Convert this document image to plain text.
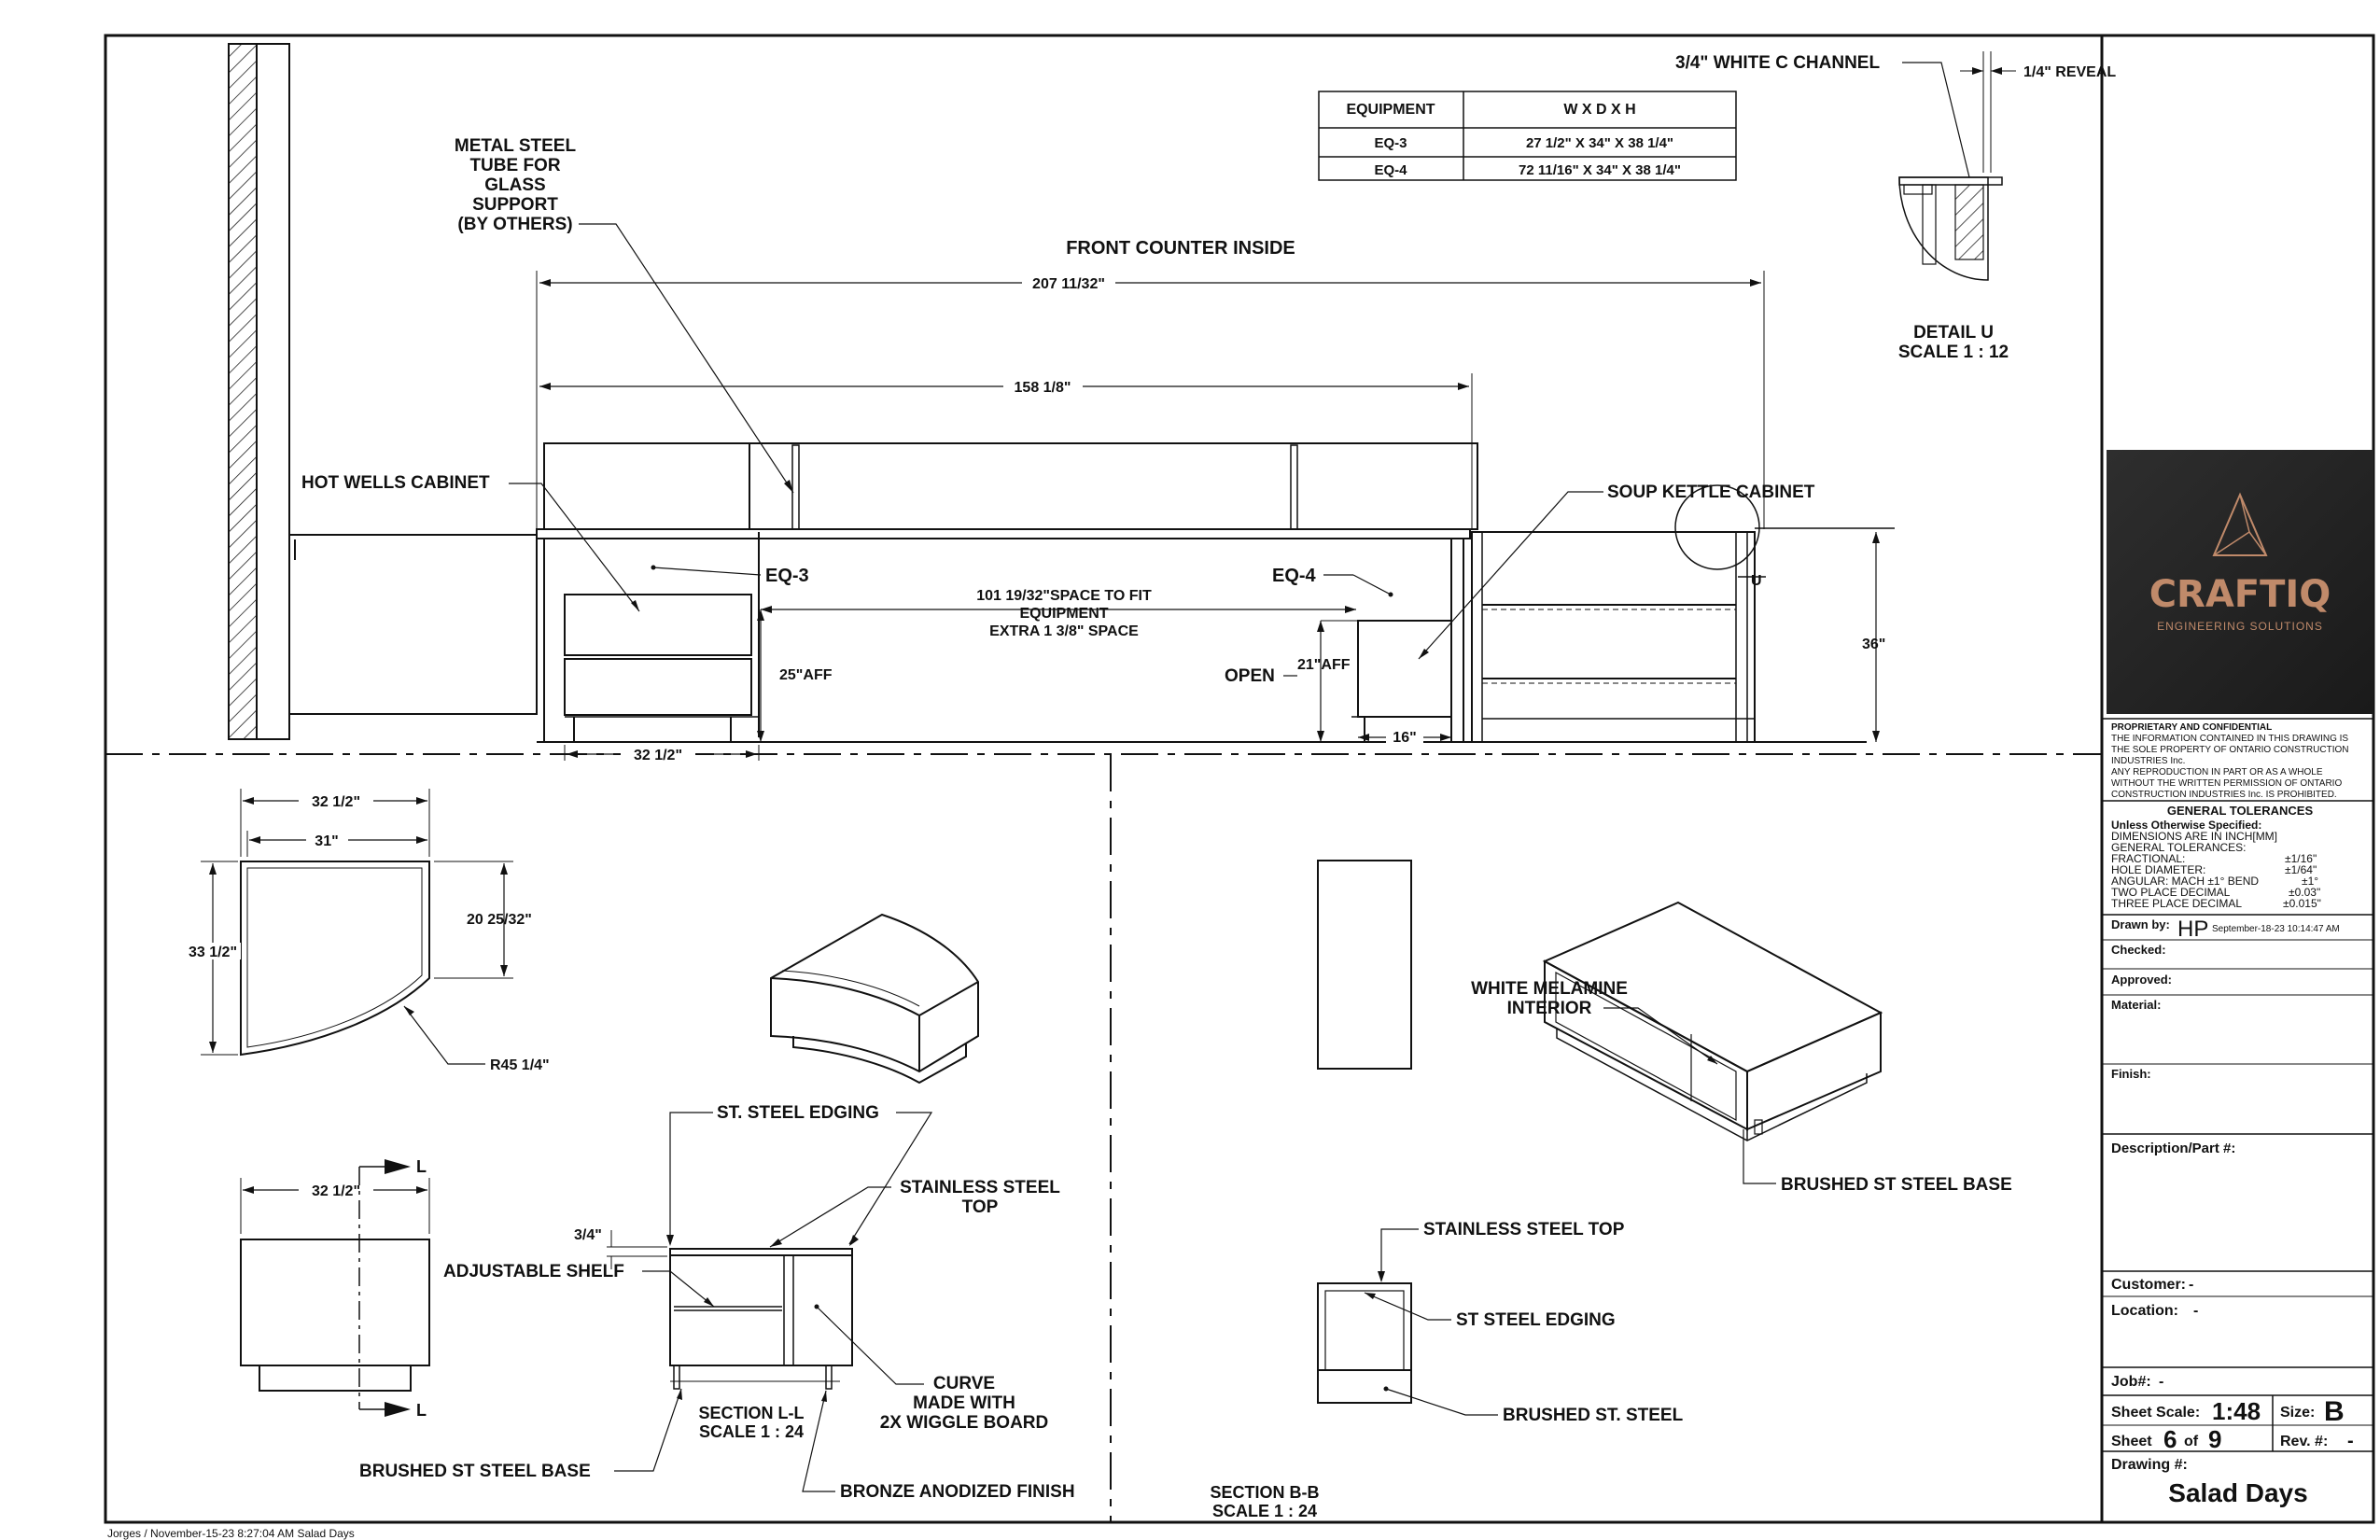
EQUIPMENT	W X D X H
EQ-3	27 1/2" X 34" X 38 1/4"
EQ-4	72 11/16" X 34" X 38 1/4"
U
207 11/32"
158 1/8"
25"AFF
21"AFF
16"
32 1/2"
36"
FRONT COUNTER INSIDE
METAL STEEL
TUBE FOR
GLASS
SUPPORT
(BY OTHERS)
HOT WELLS CABINET
EQ-3	EQ-4
OPEN
101 19/32"SPACE TO FIT
EQUIPMENT
EXTRA 1 3/8" SPACE
SOUP KETTLE CABINET
3/4" WHITE C CHANNEL	1/4" REVEAL
DETAIL U
SCALE 1 : 12
32 1/2"
31"
33 1/2"
20 25/32"
R45 1/4"
32 1/2"
L
L
ST. STEEL EDGING
STAINLESS STEEL
TOP
ADJUSTABLE SHELF
3/4"
CURVE
MADE WITH
2X WIGGLE BOARD
SECTION L-L
SCALE 1 : 24
BRUSHED ST STEEL BASE
BRONZE ANODIZED FINISH
WHITE MELAMINE
INTERIOR
BRUSHED ST STEEL BASE
STAINLESS STEEL TOP
ST STEEL EDGING
BRUSHED ST. STEEL
SECTION B-B
SCALE 1 : 24
CRAFTIQ
ENGINEERING SOLUTIONS
PROPRIETARY AND CONFIDENTIAL
THE INFORMATION CONTAINED IN THIS DRAWING IS
THE SOLE PROPERTY OF ONTARIO CONSTRUCTION
INDUSTRIES Inc.
ANY REPRODUCTION IN PART OR AS A WHOLE
WITHOUT THE WRITTEN PERMISSION OF ONTARIO
CONSTRUCTION INDUSTRIES Inc. IS PROHIBITED.
GENERAL TOLERANCES
Unless Otherwise Specified:
DIMENSIONS ARE IN INCH[MM]
GENERAL TOLERANCES:
FRACTIONAL:	±1/16"
HOLE DIAMETER:	±1/64"
ANGULAR: MACH ±1° BEND	±1°
TWO PLACE DECIMAL	±0.03"
THREE PLACE DECIMAL	±0.015"
Drawn by: HP September-18-23 10:14:47 AM
Checked:
Approved:
Material:
Finish:
Description/Part #:
Customer: -
Location: -
Job#: -
Sheet Scale: 1:48 Size: B
Sheet 6 of 9	Rev. #: -
Drawing #:
Salad Days
Jorges / November-15-23 8:27:04 AM Salad Days
